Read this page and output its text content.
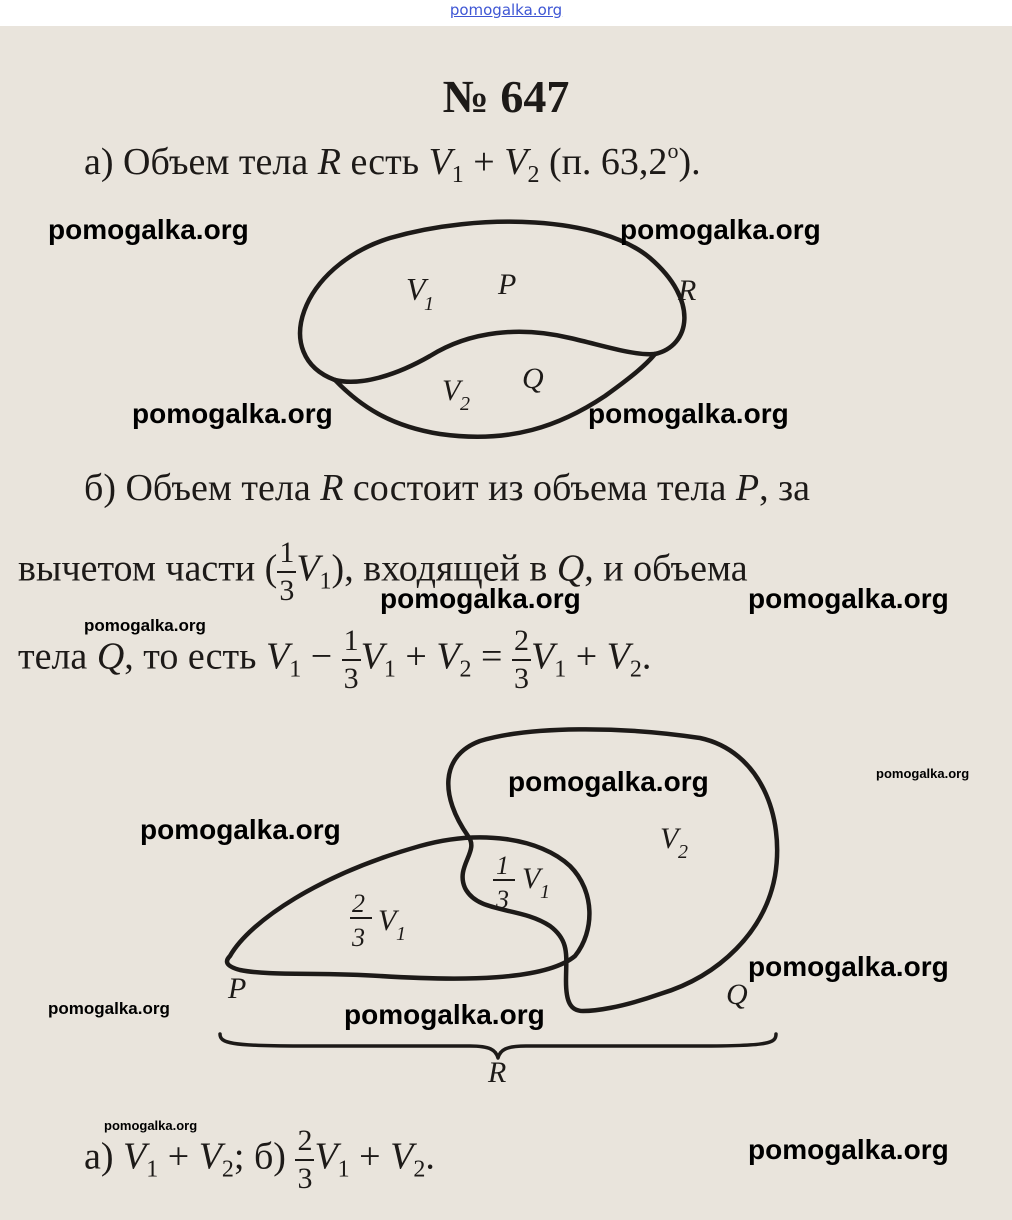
pomogalka.org
№ 647
а) Объем тела R есть $V_1 + V_2$ (п. $63,2^о$).
б) Объем тела R состоит из объема тела P, за
вычетом части ( $\frac{1}{3} V_1$), входящей в Q, и объема
тела Q, то есть $V_1 - \frac{1}{3} V_1 + V_2 = \frac{2}{3} V_1 + V_2$.
а) $V_1 + V_2$; $б) \frac{2}{3} V_1 + V_2$.
V
1
P	R
V 2
Q
2
3
V 1
1
3
V 1
V 2
P	Q
R
pomogalka.org	pomogalka.org
pomogalka.org	pomogalka.org
pomogalka.org	pomogalka.org
pomogalka.org
pomogalka.org	pomogalka.org
pomogalka.org
pomogalka.org
pomogalka.org	pomogalka.org
pomogalka.org
pomogalka.org
